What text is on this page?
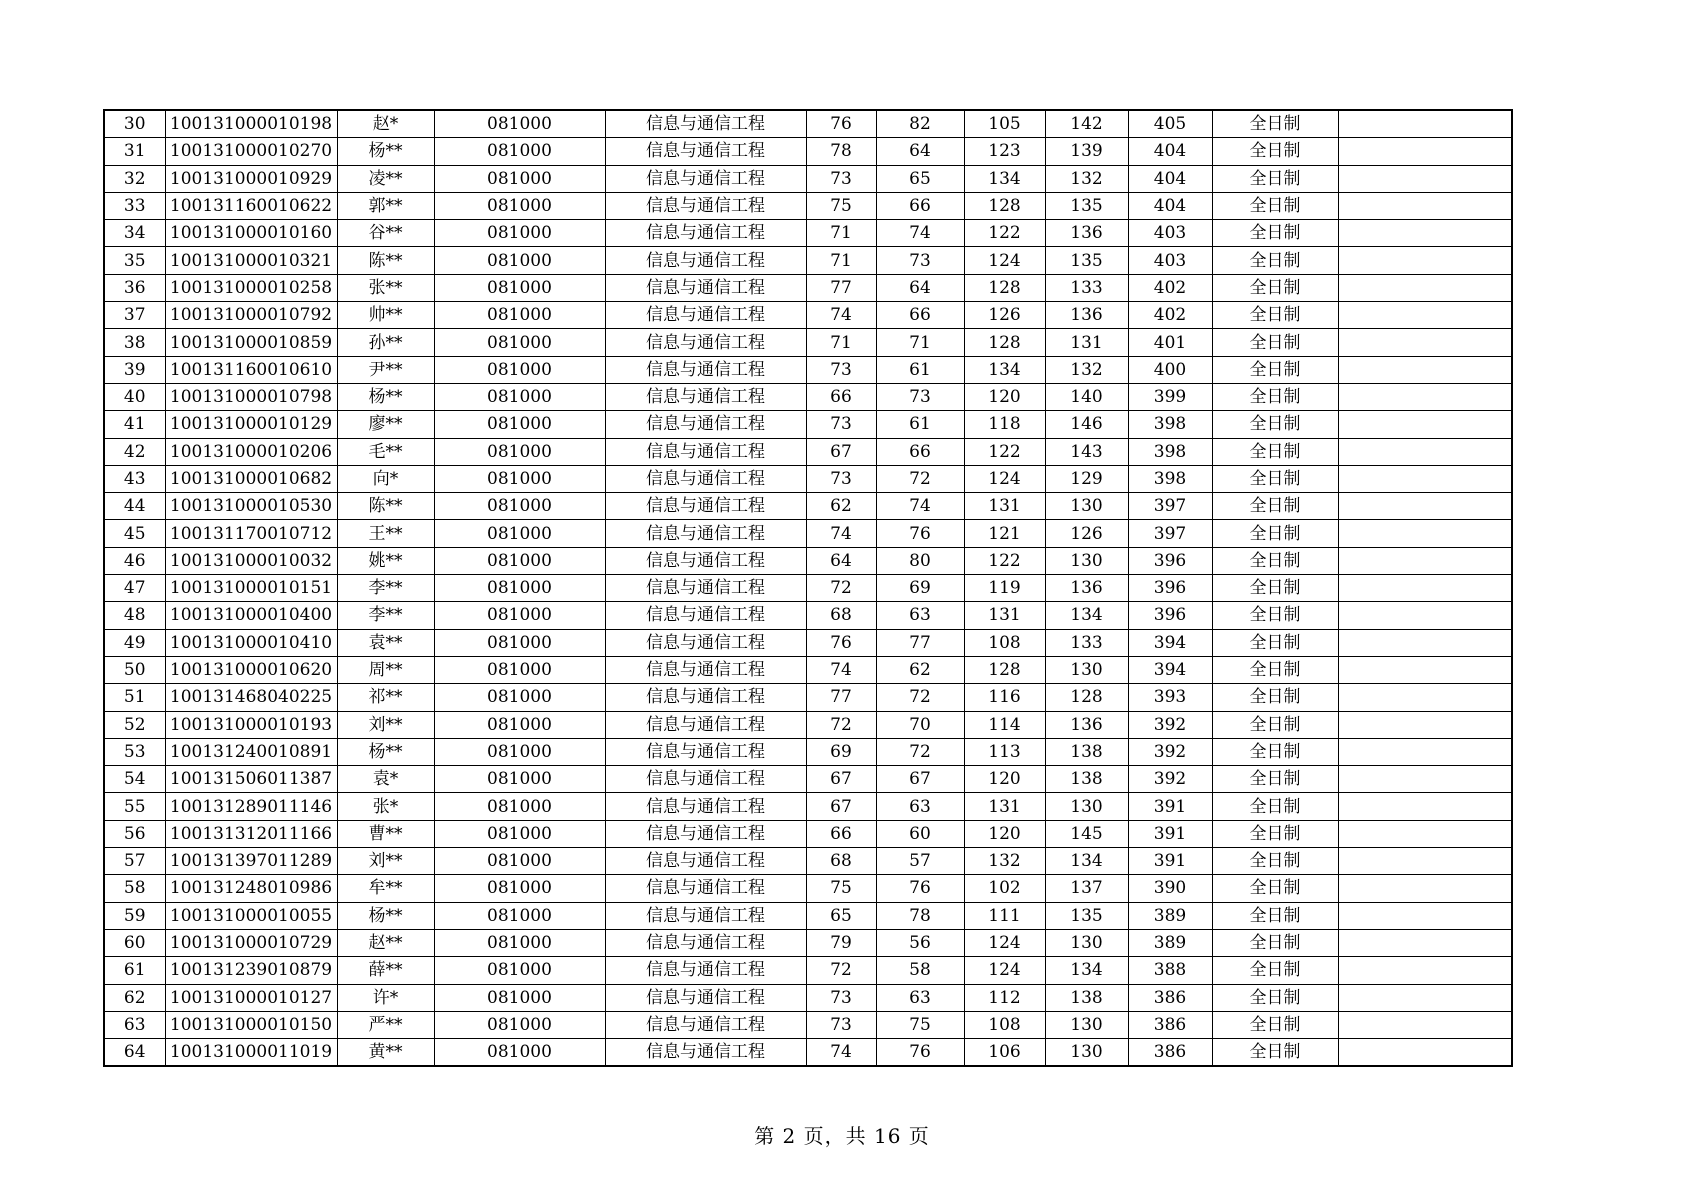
30	100131000010198	赵*	081000	信息与通信工程	76	82	105	142	405	全日制	
31	100131000010270	杨**	081000	信息与通信工程	78	64	123	139	404	全日制	
32	100131000010929	凌**	081000	信息与通信工程	73	65	134	132	404	全日制	
33	100131160010622	郭**	081000	信息与通信工程	75	66	128	135	404	全日制	
34	100131000010160	谷**	081000	信息与通信工程	71	74	122	136	403	全日制	
35	100131000010321	陈**	081000	信息与通信工程	71	73	124	135	403	全日制	
36	100131000010258	张**	081000	信息与通信工程	77	64	128	133	402	全日制	
37	100131000010792	帅**	081000	信息与通信工程	74	66	126	136	402	全日制	
38	100131000010859	孙**	081000	信息与通信工程	71	71	128	131	401	全日制	
39	100131160010610	尹**	081000	信息与通信工程	73	61	134	132	400	全日制	
40	100131000010798	杨**	081000	信息与通信工程	66	73	120	140	399	全日制	
41	100131000010129	廖**	081000	信息与通信工程	73	61	118	146	398	全日制	
42	100131000010206	毛**	081000	信息与通信工程	67	66	122	143	398	全日制	
43	100131000010682	向*	081000	信息与通信工程	73	72	124	129	398	全日制	
44	100131000010530	陈**	081000	信息与通信工程	62	74	131	130	397	全日制	
45	100131170010712	王**	081000	信息与通信工程	74	76	121	126	397	全日制	
46	100131000010032	姚**	081000	信息与通信工程	64	80	122	130	396	全日制	
47	100131000010151	李**	081000	信息与通信工程	72	69	119	136	396	全日制	
48	100131000010400	李**	081000	信息与通信工程	68	63	131	134	396	全日制	
49	100131000010410	袁**	081000	信息与通信工程	76	77	108	133	394	全日制	
50	100131000010620	周**	081000	信息与通信工程	74	62	128	130	394	全日制	
51	100131468040225	祁**	081000	信息与通信工程	77	72	116	128	393	全日制	
52	100131000010193	刘**	081000	信息与通信工程	72	70	114	136	392	全日制	
53	100131240010891	杨**	081000	信息与通信工程	69	72	113	138	392	全日制	
54	100131506011387	袁*	081000	信息与通信工程	67	67	120	138	392	全日制	
55	100131289011146	张*	081000	信息与通信工程	67	63	131	130	391	全日制	
56	100131312011166	曹**	081000	信息与通信工程	66	60	120	145	391	全日制	
57	100131397011289	刘**	081000	信息与通信工程	68	57	132	134	391	全日制	
58	100131248010986	牟**	081000	信息与通信工程	75	76	102	137	390	全日制	
59	100131000010055	杨**	081000	信息与通信工程	65	78	111	135	389	全日制	
60	100131000010729	赵**	081000	信息与通信工程	79	56	124	130	389	全日制	
61	100131239010879	薛**	081000	信息与通信工程	72	58	124	134	388	全日制	
62	100131000010127	许*	081000	信息与通信工程	73	63	112	138	386	全日制	
63	100131000010150	严**	081000	信息与通信工程	73	75	108	130	386	全日制	
64	100131000011019	黄**	081000	信息与通信工程	74	76	106	130	386	全日制	
第 2 页，共 16 页
